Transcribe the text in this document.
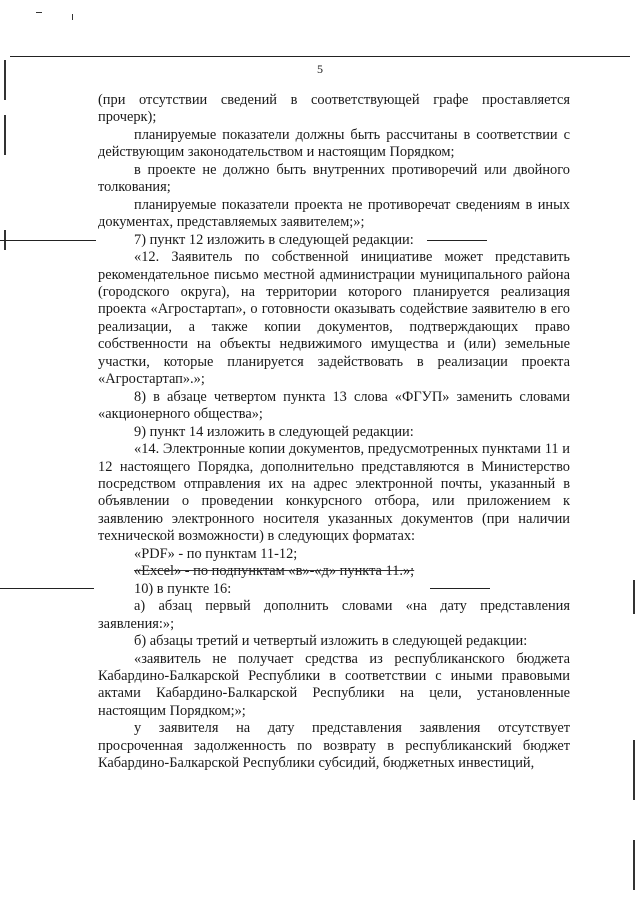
5

(при отсутствии сведений в соответствующей графе проставляется прочерк);

планируемые показатели должны быть рассчитаны в соответствии с действующим законодательством и настоящим Порядком;

в проекте не должно быть внутренних противоречий или двойного толкования;

планируемые показатели проекта не противоречат сведениям в иных документах, представляемых заявителем;»;

7) пункт 12 изложить в следующей редакции:

«12. Заявитель по собственной инициативе может представить рекомендательное письмо местной администрации муниципального района (городского округа), на территории которого планируется реализация проекта «Агростартап», о готовности оказывать содействие заявителю в его реализации, а также копии документов, подтверждающих право собственности на объекты недвижимого имущества и (или) земельные участки, которые планируется задействовать в реализации проекта «Агростартап».»;

8) в абзаце четвертом пункта 13 слова «ФГУП» заменить словами «акционерного общества»;

9) пункт 14 изложить в следующей редакции:

«14. Электронные копии документов, предусмотренных пунктами 11 и 12 настоящего Порядка, дополнительно представляются в Министерство посредством отправления их на адрес электронной почты, указанный в объявлении о проведении конкурсного отбора, или приложением к заявлению электронного носителя указанных документов (при наличии технической возможности) в следующих форматах:

«PDF» - по пунктам 11-12;

«Excel» - по подпунктам «в»-«д» пункта 11.»;

10) в пункте 16:

а) абзац первый дополнить словами «на дату представления заявления:»;

б) абзацы третий и четвертый изложить в следующей редакции:

«заявитель не получает средства из республиканского бюджета Кабардино-Балкарской Республики в соответствии с иными правовыми актами Кабардино-Балкарской Республики на цели, установленные настоящим Порядком;»;

у заявителя на дату представления заявления отсутствует просроченная задолженность по возврату в республиканский бюджет Кабардино-Балкарской Республики субсидий, бюджетных инвестиций,
